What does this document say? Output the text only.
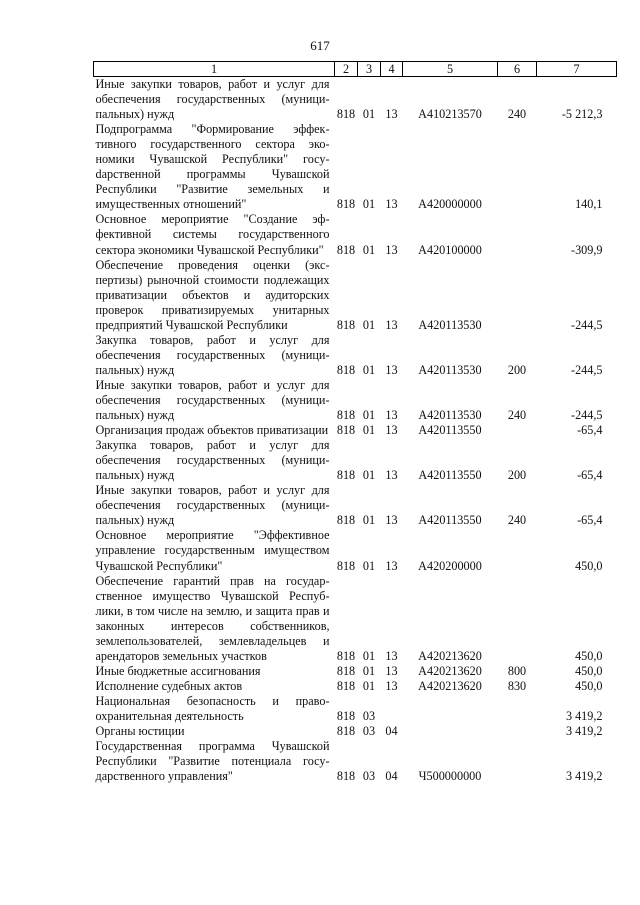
617
1	2	3	4	5	6	7
Иные закупки товаров, работ и услуг для обеспечения государственных (муниципальных) нужд	818	01	13	А410213570	240	-5 212,3
Подпрограмма "Формирование эффективного государственного сектора экономики Чувашской Республики" госуdарственной программы Чувашской Республики "Развитие земельных и имущественных отношений"	818	01	13	А420000000		140,1
Основное мероприятие "Создание эффективной системы государственного сектора экономики Чувашской Республики"	818	01	13	А420100000		-309,9
Обеспечение проведения оценки (экспертизы) рыночной стоимости подлежащих приватизации объектов и аудиторских проверок приватизируемых унитарных предприятий Чувашской Республики	818	01	13	А420113530		-244,5
Закупка товаров, работ и услуг для обеспечения государственных (муниципальных) нужд	818	01	13	А420113530	200	-244,5
Иные закупки товаров, работ и услуг для обеспечения государственных (муниципальных) нужд	818	01	13	А420113530	240	-244,5
Организация продаж объектов приватизации	818	01	13	А420113550		-65,4
Закупка товаров, работ и услуг для обеспечения государственных (муниципальных) нужд	818	01	13	А420113550	200	-65,4
Иные закупки товаров, работ и услуг для обеспечения государственных (муниципальных) нужд	818	01	13	А420113550	240	-65,4
Основное мероприятие "Эффективное управление государственным имуществом Чувашской Республики"	818	01	13	А420200000		450,0
Обеспечение гарантий прав на государственное имущество Чувашской Республики, в том числе на землю, и защита прав и законных интересов собственников, землепользователей, землевладельцев и арендаторов земельных участков	818	01	13	А420213620		450,0
Иные бюджетные ассигнования	818	01	13	А420213620	800	450,0
Исполнение судебных актов	818	01	13	А420213620	830	450,0
Национальная безопасность и правоохранительная деятельность	818	03				3 419,2
Органы юстиции	818	03	04			3 419,2
Государственная программа Чувашской Республики "Развитие потенциала государственного управления"	818	03	04	Ч500000000		3 419,2
